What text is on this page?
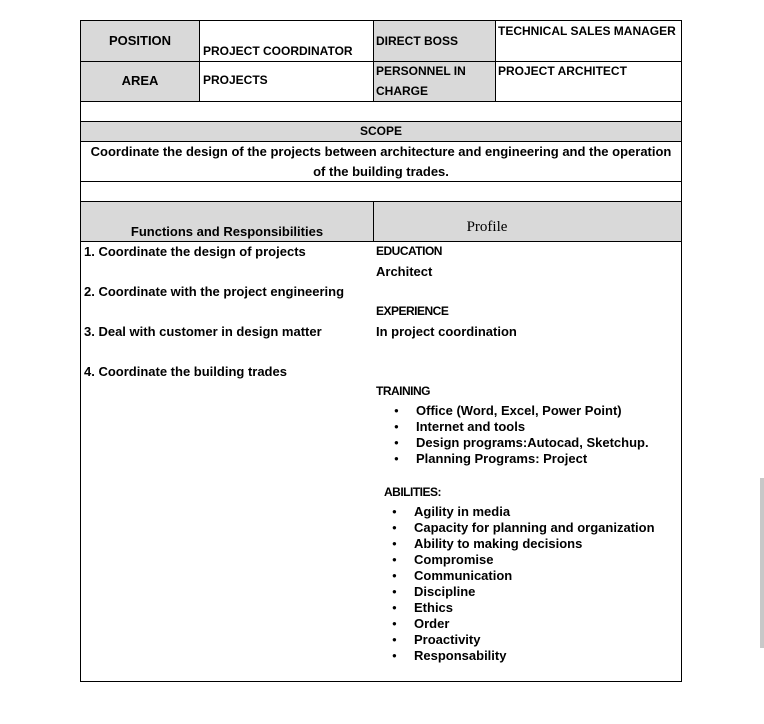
POSITION
PROJECT COORDINATOR
DIRECT BOSS
TECHNICAL SALES MANAGER
AREA	PROJECTS
PERSONNEL IN
CHARGE
PROJECT ARCHITECT
SCOPE
Coordinate the design of the projects between architecture and engineering and the operation
of the building trades.
Functions and Responsibilities	Profile
1. Coordinate the design of projects
2. Coordinate with the project engineering
3. Deal with customer in design matter
4. Coordinate the building trades
EDUCATION
Architect
EXPERIENCE
In project coordination
TRAINING
● Office (Word, Excel, Power Point)
● Internet and tools
● Design programs:Autocad, Sketchup.
● Planning Programs: Project
ABILITIES:
● Agility in media
● Capacity for planning and organization
● Ability to making decisions
● Compromise
● Communication
● Discipline
● Ethics
● Order
● Proactivity
● Responsability
